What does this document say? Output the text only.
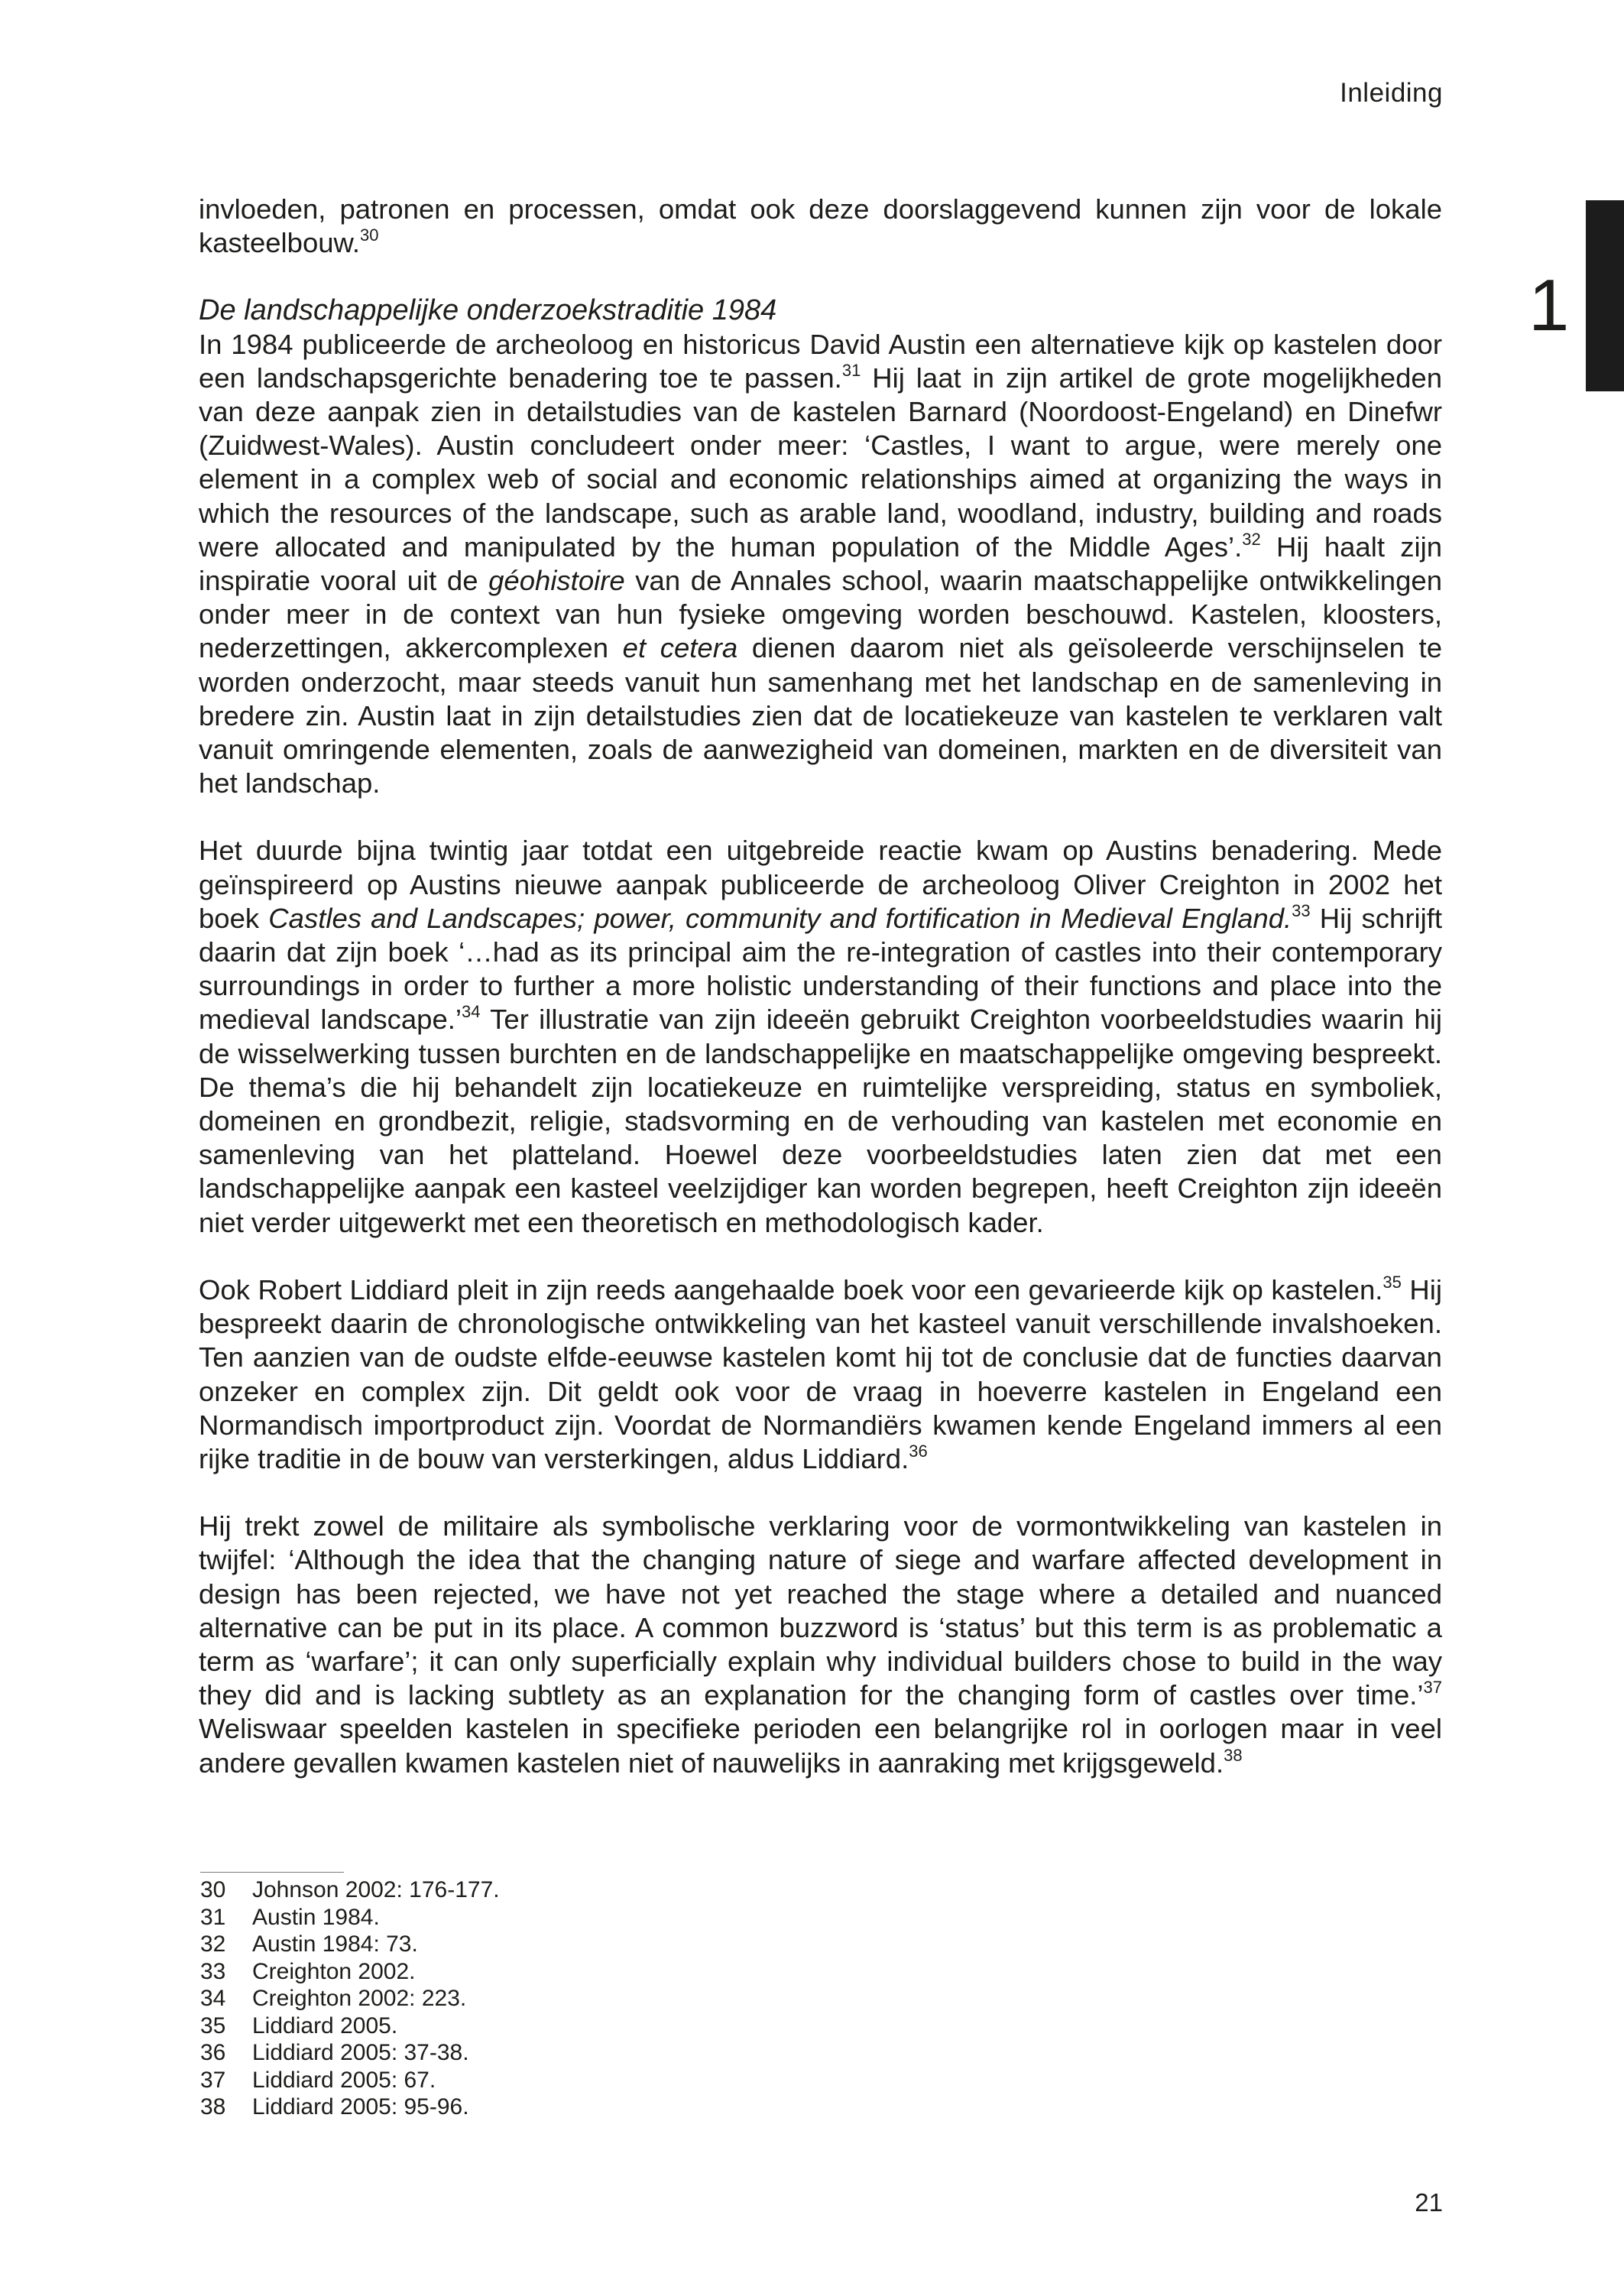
Inleiding
1

invloeden, patronen en processen, omdat ook deze doorslaggevend kunnen zijn voor de lokale kasteelbouw.$^{30}$

De landschappelijke onderzoekstraditie 1984

In 1984 publiceerde de archeoloog en historicus David Austin een alternatieve kijk op kastelen door een landschapsgerichte benadering toe te passen.$^{31}$ Hij laat in zijn artikel de grote mogelijkheden van deze aanpak zien in detailstudies van de kastelen Barnard (Noordoost-Engeland) en Dinefwr (Zuidwest-Wales). Austin concludeert onder meer: ‘Castles, I want to argue, were merely one element in a complex web of social and economic relationships aimed at organizing the ways in which the resources of the landscape, such as arable land, woodland, industry, building and roads were allocated and manipulated by the human population of the Middle Ages’.$^{32}$ Hij haalt zijn inspiratie vooral uit de géohistoire van de Annales school, waarin maatschappelijke ontwikkelingen onder meer in de context van hun fysieke omgeving worden beschouwd. Kastelen, kloosters, nederzettingen, akkercomplexen et cetera dienen daarom niet als geïsoleerde verschijnselen te worden onderzocht, maar steeds vanuit hun samenhang met het landschap en de samenleving in bredere zin. Austin laat in zijn detailstudies zien dat de locatiekeuze van kastelen te verklaren valt vanuit omringende elementen, zoals de aanwezigheid van domeinen, markten en de diversiteit van het landschap.

Het duurde bijna twintig jaar totdat een uitgebreide reactie kwam op Austins benadering. Mede geïnspireerd op Austins nieuwe aanpak publiceerde de archeoloog Oliver Creighton in 2002 het boek Castles and Landscapes; power, community and fortification in Medieval England.$^{33}$ Hij schrijft daarin dat zijn boek ‘…had as its principal aim the re-integration of castles into their contemporary surroundings in order to further a more holistic understanding of their functions and place into the medieval landscape.’$^{34}$ Ter illustratie van zijn ideeën gebruikt Creighton voorbeeldstudies waarin hij de wisselwerking tussen burchten en de landschappelijke en maatschappelijke omgeving bespreekt. De thema’s die hij behandelt zijn locatiekeuze en ruimtelijke verspreiding, status en symboliek, domeinen en grondbezit, religie, stadsvorming en de verhouding van kastelen met economie en samenleving van het platteland. Hoewel deze voorbeeldstudies laten zien dat met een landschappelijke aanpak een kasteel veelzijdiger kan worden begrepen, heeft Creighton zijn ideeën niet verder uitgewerkt met een theoretisch en methodologisch kader.

Ook Robert Liddiard pleit in zijn reeds aangehaalde boek voor een gevarieerde kijk op kastelen.$^{35}$ Hij bespreekt daarin de chronologische ontwikkeling van het kasteel vanuit verschillende invalshoeken. Ten aanzien van de oudste elfde-eeuwse kastelen komt hij tot de conclusie dat de functies daarvan onzeker en complex zijn. Dit geldt ook voor de vraag in hoeverre kastelen in Engeland een Normandisch importproduct zijn. Voordat de Normandiërs kwamen kende Engeland immers al een rijke traditie in de bouw van versterkingen, aldus Liddiard.$^{36}$

Hij trekt zowel de militaire als symbolische verklaring voor de vormontwikkeling van kastelen in twijfel: ‘Although the idea that the changing nature of siege and warfare affected development in design has been rejected, we have not yet reached the stage where a detailed and nuanced alternative can be put in its place. A common buzzword is ‘status’ but this term is as problematic a term as ‘warfare’; it can only superficially explain why individual builders chose to build in the way they did and is lacking subtlety as an explanation for the changing form of castles over time.’$^{37}$ Weliswaar speelden kastelen in specifieke perioden een belangrijke rol in oorlogen maar in veel andere gevallen kwamen kastelen niet of nauwelijks in aanraking met krijgsgeweld.$^{38}$

30	Johnson 2002: 176-177.
31	Austin 1984.
32	Austin 1984: 73.
33	Creighton 2002.
34	Creighton 2002: 223.
35	Liddiard 2005.
36	Liddiard 2005: 37-38.
37	Liddiard 2005: 67.
38	Liddiard 2005: 95-96.
21
